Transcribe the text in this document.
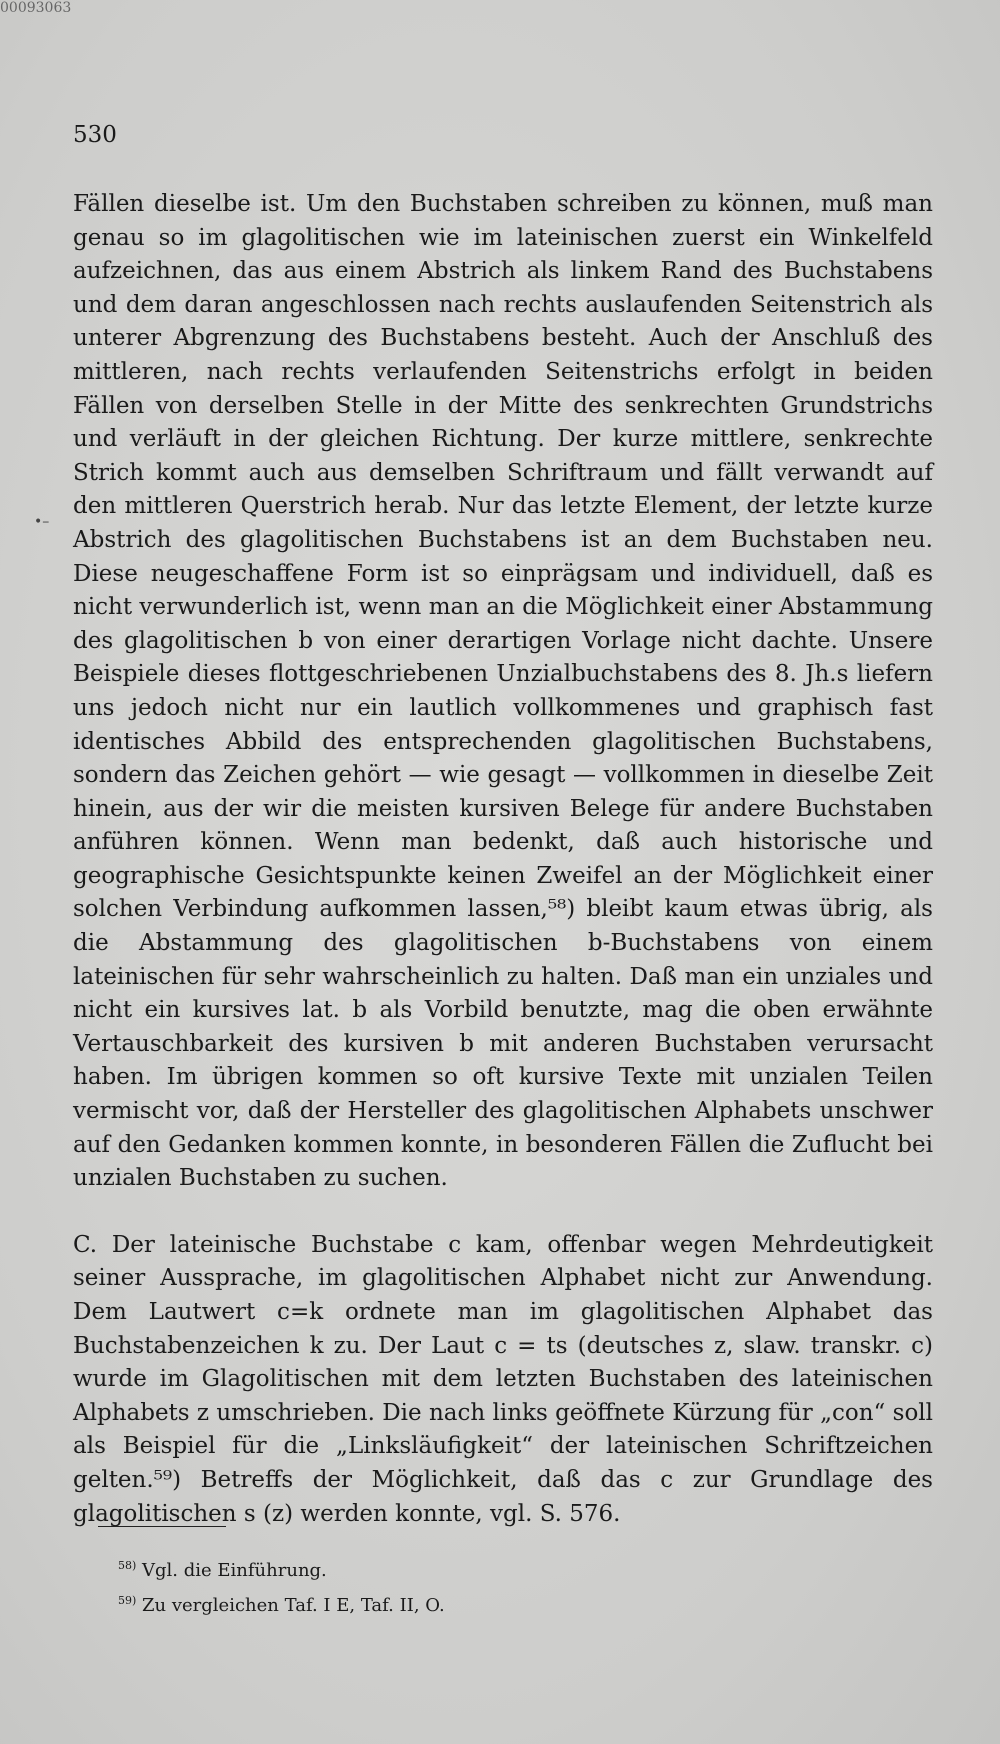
00093063
530
•–

Fällen dieselbe ist. Um den Buchstaben schreiben zu können, muß man genau so im glagolitischen wie im lateinischen zuerst ein Winkelfeld aufzeichnen, das aus einem Abstrich als linkem Rand des Buchstabens und dem daran angeschlossen nach rechts auslaufenden Seitenstrich als unterer Abgrenzung des Buchstabens besteht. Auch der Anschluß des mittleren, nach rechts verlaufenden Seitenstrichs erfolgt in beiden Fällen von derselben Stelle in der Mitte des senkrechten Grundstrichs und verläuft in der gleichen Richtung. Der kurze mittlere, senkrechte Strich kommt auch aus demselben Schriftraum und fällt verwandt auf den mittleren Querstrich herab. Nur das letzte Element, der letzte kurze Abstrich des glagolitischen Buchstabens ist an dem Buchstaben neu. Diese neugeschaffene Form ist so einprägsam und individuell, daß es nicht verwunderlich ist, wenn man an die Möglichkeit einer Abstammung des glagolitischen b von einer derartigen Vorlage nicht dachte. Unsere Beispiele dieses flottgeschriebenen Unzialbuchstabens des 8. Jh.s liefern uns jedoch nicht nur ein lautlich vollkommenes und graphisch fast identisches Abbild des entsprechenden glagolitischen Buchstabens, sondern das Zeichen gehört — wie gesagt — vollkommen in dieselbe Zeit hinein, aus der wir die meisten kursiven Belege für andere Buchstaben anführen können. Wenn man bedenkt, daß auch historische und geographische Gesichtspunkte keinen Zweifel an der Möglichkeit einer solchen Verbindung aufkommen lassen,⁵⁸) bleibt kaum etwas übrig, als die Abstammung des glagolitischen b-Buchstabens von einem lateinischen für sehr wahrscheinlich zu halten. Daß man ein unziales und nicht ein kursives lat. b als Vorbild benutzte, mag die oben erwähnte Vertauschbarkeit des kursiven b mit anderen Buchstaben verursacht haben. Im übrigen kommen so oft kursive Texte mit unzialen Teilen vermischt vor, daß der Hersteller des glagolitischen Alphabets unschwer auf den Gedanken kommen konnte, in besonderen Fällen die Zuflucht bei unzialen Buchstaben zu suchen.

C. Der lateinische Buchstabe c kam, offenbar wegen Mehrdeutigkeit seiner Aussprache, im glagolitischen Alphabet nicht zur Anwendung. Dem Lautwert c=k ordnete man im glagolitischen Alphabet das Buchstabenzeichen k zu. Der Laut c = ts (deutsches z, slaw. transkr. c) wurde im Glagolitischen mit dem letzten Buchstaben des lateinischen Alphabets z umschrieben. Die nach links geöffnete Kürzung für „con“ soll als Beispiel für die „Linksläufigkeit“ der lateinischen Schriftzeichen gelten.⁵⁹) Betreffs der Möglichkeit, daß das c zur Grundlage des glagolitischen s (z) werden konnte, vgl. S. 576.

$^{58)}$ Vgl. die Einführung.
$^{59)}$ Zu vergleichen Taf. I E, Taf. II, O.
